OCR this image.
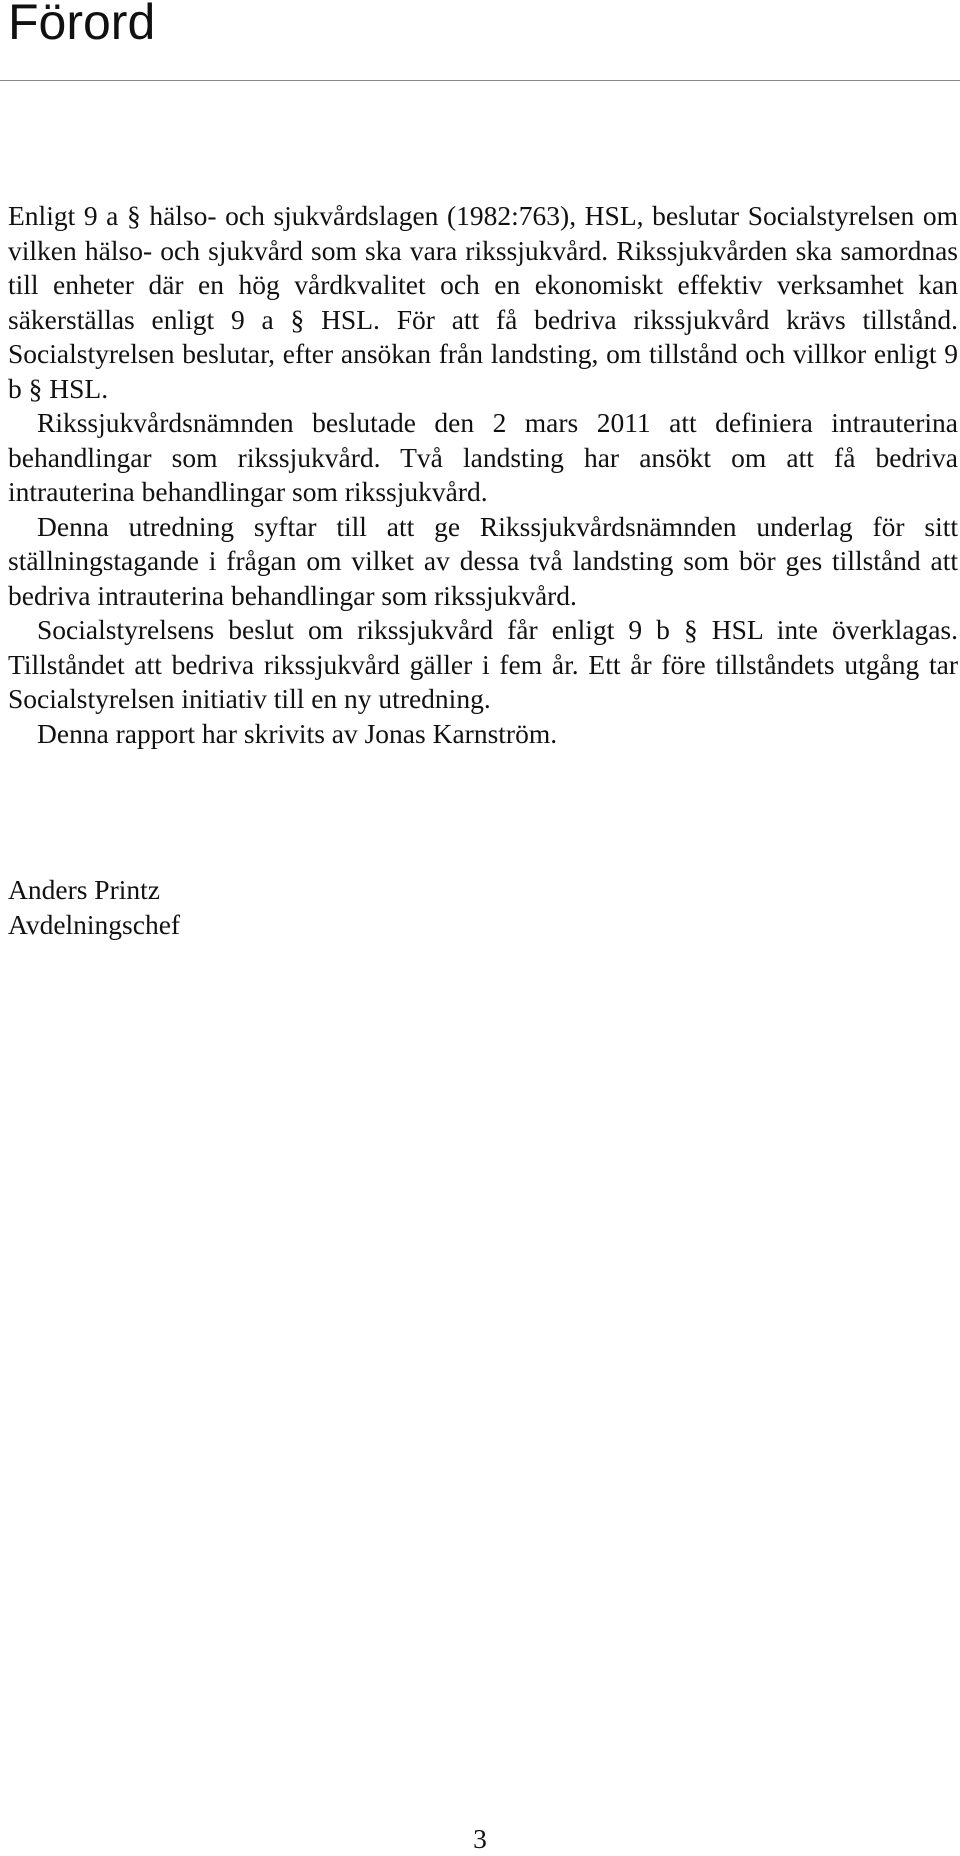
Förord

Enligt 9 a § hälso- och sjukvårdslagen (1982:763), HSL, beslutar Socialstyrelsen om vilken hälso- och sjukvård som ska vara rikssjukvård. Rikssjukvården ska samordnas till enheter där en hög vårdkvalitet och en ekonomiskt effektiv verksamhet kan säkerställas enligt 9 a § HSL. För att få bedriva rikssjukvård krävs tillstånd. Socialstyrelsen beslutar, efter ansökan från landsting, om tillstånd och villkor enligt 9 b § HSL.

Rikssjukvårdsnämnden beslutade den 2 mars 2011 att definiera intrauterina behandlingar som rikssjukvård. Två landsting har ansökt om att få bedriva intrauterina behandlingar som rikssjukvård.

Denna utredning syftar till att ge Rikssjukvårdsnämnden underlag för sitt ställningstagande i frågan om vilket av dessa två landsting som bör ges tillstånd att bedriva intrauterina behandlingar som rikssjukvård.

Socialstyrelsens beslut om rikssjukvård får enligt 9 b § HSL inte överklagas. Tillståndet att bedriva rikssjukvård gäller i fem år. Ett år före tillståndets utgång tar Socialstyrelsen initiativ till en ny utredning.

Denna rapport har skrivits av Jonas Karnström.

Anders Printz
Avdelningschef
3
